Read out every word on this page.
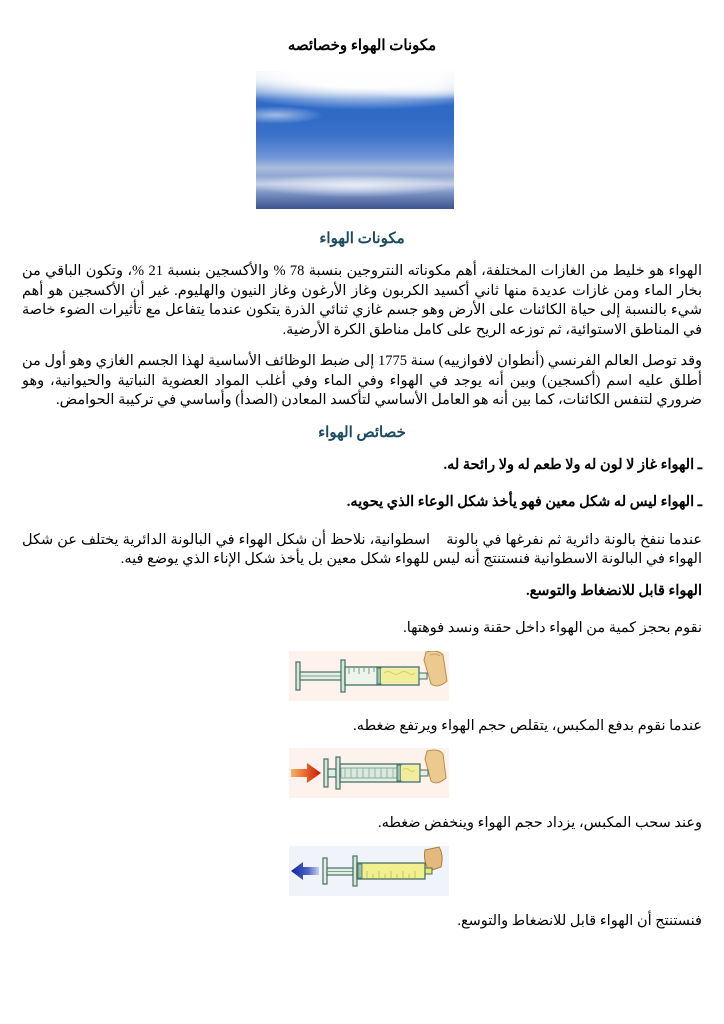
مكونات الهواء وخصائصه
مكونات الهواء

الهواء هو خليط من الغازات المختلفة، أهم مكوناته النتروجين بنسبة 78 % والأكسجين بنسبة 21 %، وتكون الباقي من بخار الماء ومن غازات عديدة منها ثاني أكسيد الكربون وغاز الأرغون وغاز النيون والهليوم. غير أن الأكسجين هو أهم شيء بالنسبة إلى حياة الكائنات على الأرض وهو جسم غازي ثنائي الذرة يتكون عندما يتفاعل مع تأثيرات الضوء خاصة في المناطق الاستوائية، ثم توزعه الريح على كامل مناطق الكرة الأرضية.

وقد توصل العالم الفرنسي (أنطوان لافوازييه) سنة 1775 إلى ضبط الوظائف الأساسية لهذا الجسم الغازي وهو أول من أطلق عليه اسم (أكسجين) وبين أنه يوجد في الهواء وفي الماء وفي أغلب المواد العضوية النباتية والحيوانية، وهو ضروري لتنفس الكائنات، كما بين أنه هو العامل الأساسي لتأكسد المعادن (الصدأ) وأساسي في تركيبة الحوامض.

خصائص الهواء

ـ الهواء غاز لا لون له ولا طعم له ولا رائحة له.

ـ الهواء ليس له شكل معين فهو يأخذ شكل الوعاء الذي يحويه.

عندما ننفخ بالونة دائرية ثم نفرغها في بالونة    اسطوانية، نلاحظ أن شكل الهواء في البالونة الدائرية يختلف عن شكل الهواء في البالونة الاسطوانية فنستنتج أنه ليس للهواء شكل معين بل يأخذ شكل الإناء الذي يوضع فيه.

الهواء قابل للانضغاط والتوسع.

نقوم بحجز كمية من الهواء داخل حقنة ونسد فوهتها.

عندما نقوم بدفع المكبس، يتقلص حجم الهواء ويرتفع ضغطه.

وعند سحب المكبس، يزداد حجم الهواء وينخفض ضغطه.

فنستنتج أن الهواء قابل للانضغاط والتوسع.
